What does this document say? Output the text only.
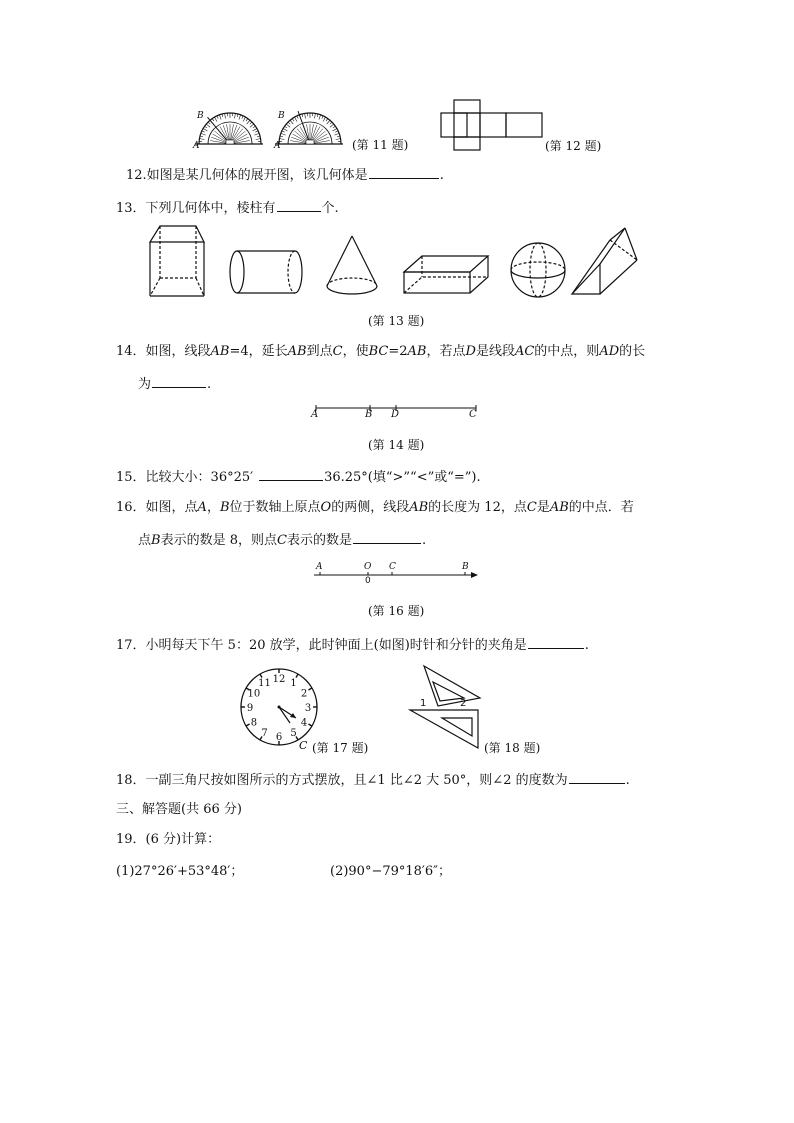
A
B
A
B
(第 11 题)	(第 12 题)
12.如图是某几何体的展开图，该几何体是	.
13．下列几何体中，棱柱有	个.
(第 13 题)
14．如图，线段AB=4，延长AB到点C，使BC=2AB，若点D是线段AC的中点，则AD的长
为	.
A	B D	C
(第 14 题)
15．比较大小：36°25′	36.25°(填“>”“<”或“=”).
16．如图，点A，B位于数轴上原点O的两侧，线段AB的长度为 12，点C是AB的中点．若
点B表示的数是 8，则点C表示的数是	.
A	O C	B
0
(第 16 题)
17．小明每天下午 5：20 放学，此时钟面上(如图)时针和分针的夹角是	.
12 1
2
3
4
5
6
7
8
9
10
11
C (第 17 题)
1	2
(第 18 题)
18．一副三角尺按如图所示的方式摆放，且∠1 比∠2 大 50°，则∠2 的度数为	.
三、解答题(共 66 分)
19．(6 分)计算：
(1)27°26′+53°48′；	(2)90°−79°18′6″；
